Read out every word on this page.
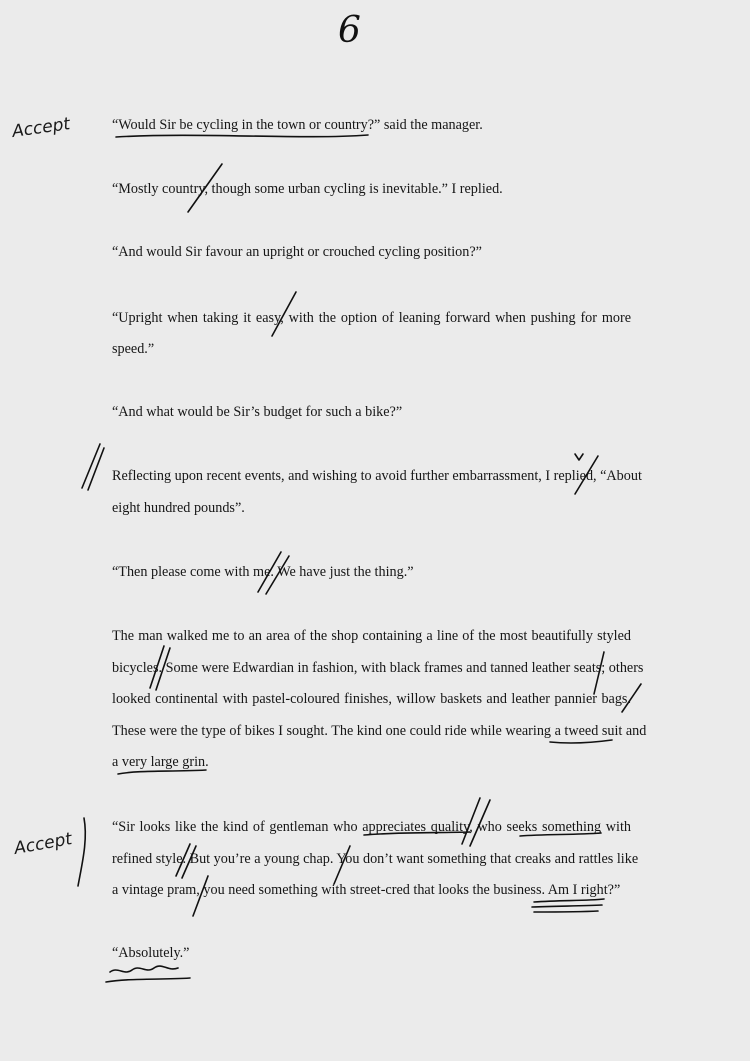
6
Accept
Accept
“Would Sir be cycling in the town or country?” said the manager.
“Mostly country, though some urban cycling is inevitable.” I replied.
“And would Sir favour an upright or crouched cycling position?”
“Upright when taking it easy, with the option of leaning forward when pushing for more
speed.”
“And what would be Sir’s budget for such a bike?”
Reflecting upon recent events, and wishing to avoid further embarrassment, I replied, “About
eight hundred pounds”.
“Then please come with me. We have just the thing.”
The man walked me to an area of the shop containing a line of the most beautifully styled
bicycles. Some were Edwardian in fashion, with black frames and tanned leather seats; others
looked continental with pastel-coloured finishes, willow baskets and leather pannier bags.
These were the type of bikes I sought. The kind one could ride while wearing a tweed suit and
a very large grin.
“Sir looks like the kind of gentleman who appreciates quality, who seeks something with
refined style. But you’re a young chap. You don’t want something that creaks and rattles like
a vintage pram, you need something with street-cred that looks the business. Am I right?”
“Absolutely.”
